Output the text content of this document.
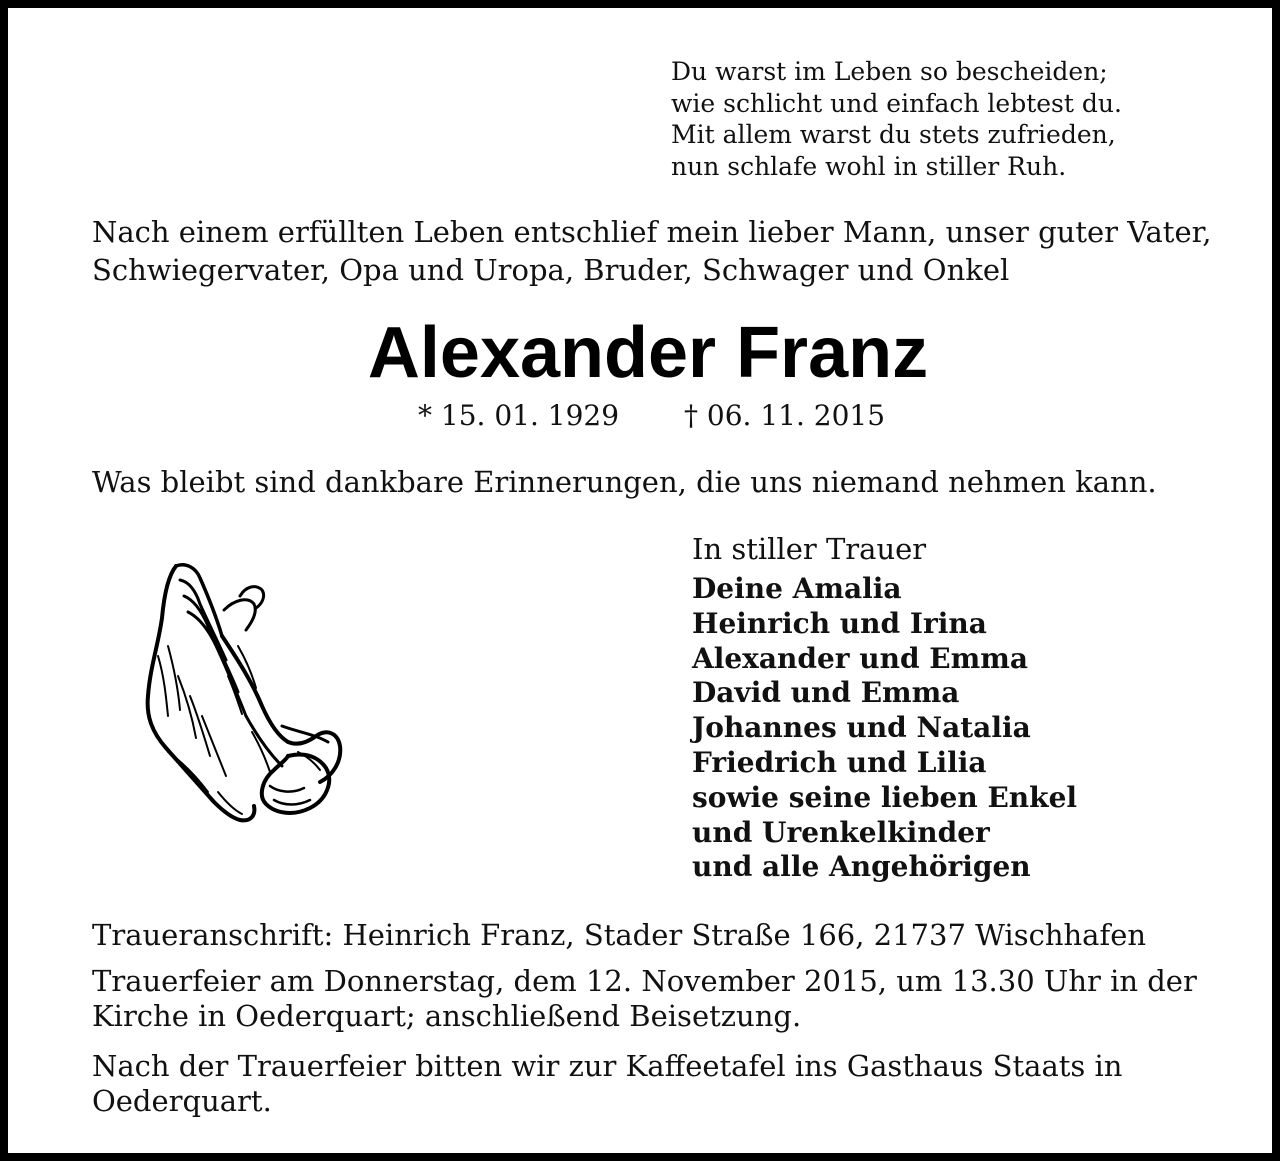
Du warst im Leben so bescheiden;
wie schlicht und einfach lebtest du.
Mit allem warst du stets zufrieden,
nun schlafe wohl in stiller Ruh.
Nach einem erfüllten Leben entschlief mein lieber Mann, unser guter Vater,
Schwiegervater, Opa und Uropa, Bruder, Schwager und Onkel
Alexander Franz
* 15. 01. 1929 † 06. 11. 2015
Was bleibt sind dankbare Erinnerungen, die uns niemand nehmen kann.
In stiller Trauer
Deine Amalia
Heinrich und Irina
Alexander und Emma
David und Emma
Johannes und Natalia
Friedrich und Lilia
sowie seine lieben Enkel
und Urenkelkinder
und alle Angehörigen
Traueranschrift: Heinrich Franz, Stader Straße 166, 21737 Wischhafen
Trauerfeier am Donnerstag, dem 12. November 2015, um 13.30 Uhr in der
Kirche in Oederquart; anschließend Beisetzung.
Nach der Trauerfeier bitten wir zur Kaffeetafel ins Gasthaus Staats in
Oederquart.
